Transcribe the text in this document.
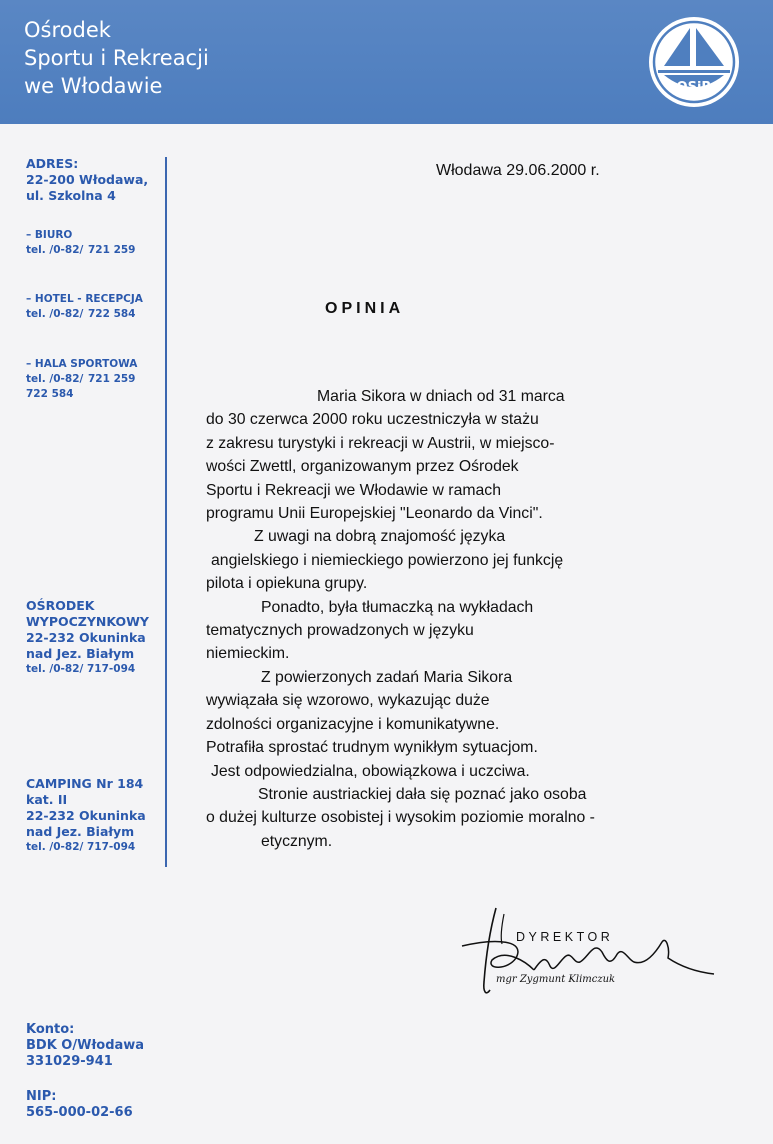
Ośrodek
Sportu i Rekreacji
we Włodawie	OSiR
ADRES:
22-200 Włodawa,
ul. Szkolna 4
– BIURO
tel. /0-82/ 721 259
– HOTEL - RECEPCJA
tel. /0-82/ 722 584
– HALA SPORTOWA
tel. /0-82/ 721 259
722 584
OŚRODEK
WYPOCZYNKOWY
22-232 Okuninka
nad Jez. Białym
tel. /0-82/ 717-094
CAMPING Nr 184
kat. II
22-232 Okuninka
nad Jez. Białym
tel. /0-82/ 717-094
Konto:
BDK O/Włodawa
331029-941
NIP:
565-000-02-66
Włodawa 29.06.2000 r.
OPINIA
Maria Sikora w dniach od 31 marca
do 30 czerwca 2000 roku uczestniczyła w stażu
z zakresu turystyki i rekreacji w Austrii, w miejsco-
wości Zwettl, organizowanym przez Ośrodek
Sportu i Rekreacji we Włodawie w ramach
programu Unii Europejskiej "Leonardo da Vinci".
Z uwagi na dobrą znajomość języka
angielskiego i niemieckiego powierzono jej funkcję
pilota i opiekuna grupy.
Ponadto, była tłumaczką na wykładach
tematycznych prowadzonych w języku
niemieckim.
Z powierzonych zadań Maria Sikora
wywiązała się wzorowo, wykazując duże
zdolności organizacyjne i komunikatywne.
Potrafiła sprostać trudnym wynikłym sytuacjom.
Jest odpowiedzialna, obowiązkowa i uczciwa.
Stronie austriackiej dała się poznać jako osoba
o dużej kulturze osobistej i wysokim poziomie moralno -
etycznym.
DYREKTOR
mgr Zygmunt Klimczuk
